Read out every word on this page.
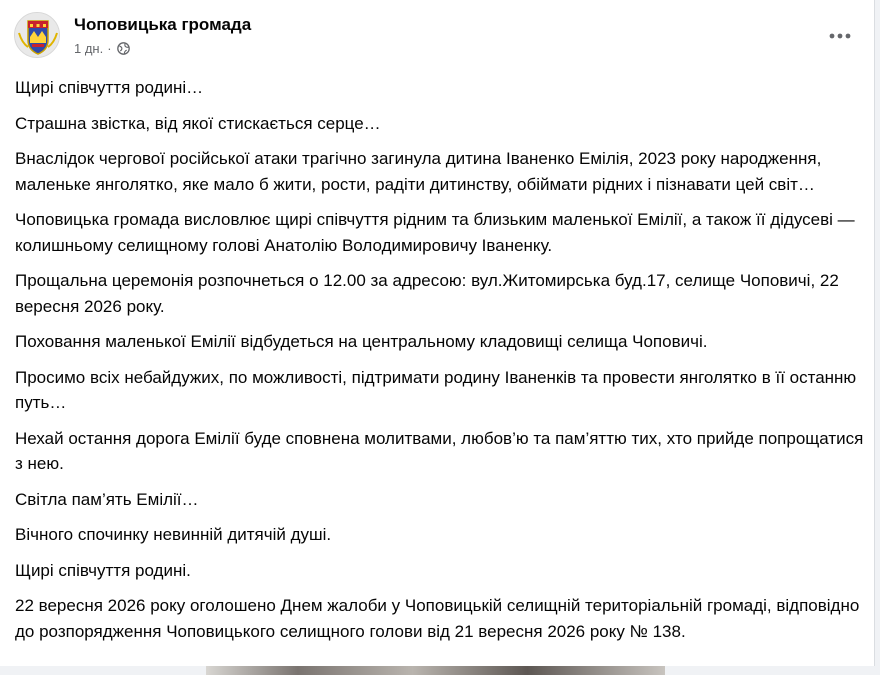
Чоповицька громада
1 дн. ·

Щирі співчуття родині…

Страшна звістка, від якої стискається серце…

Внаслідок чергової російської атаки трагічно загинула дитина Іваненко Емілія, 2023 року народження, маленьке янголятко, яке мало б жити, рости, радіти дитинству, обіймати рідних і пізнавати цей світ…

Чоповицька громада висловлює щирі співчуття рідним та близьким маленької Емілії, а також її дідусеві — колишньому селищному голові Анатолію Володимировичу Іваненку.

Прощальна церемонія розпочнеться о 12.00 за адресою: вул.Житомирська буд.17, селище Чоповичі, 22 вересня 2026 року.

Поховання маленької Емілії відбудеться на центральному кладовищі селища Чоповичі.

Просимо всіх небайдужих, по можливості, підтримати родину Іваненків та провести янголятко в її останню путь…

Нехай остання дорога Емілії буде сповнена молитвами, любов’ю та пам’яттю тих, хто прийде попрощатися з нею.

Світла пам’ять Емілії…

Вічного спочинку невинній дитячій душі.

Щирі співчуття родині.

22 вересня 2026 року оголошено Днем жалоби у Чоповицькій селищній територіальній громаді, відповідно до розпорядження Чоповицького селищного голови від 21 вересня 2026 року № 138.
